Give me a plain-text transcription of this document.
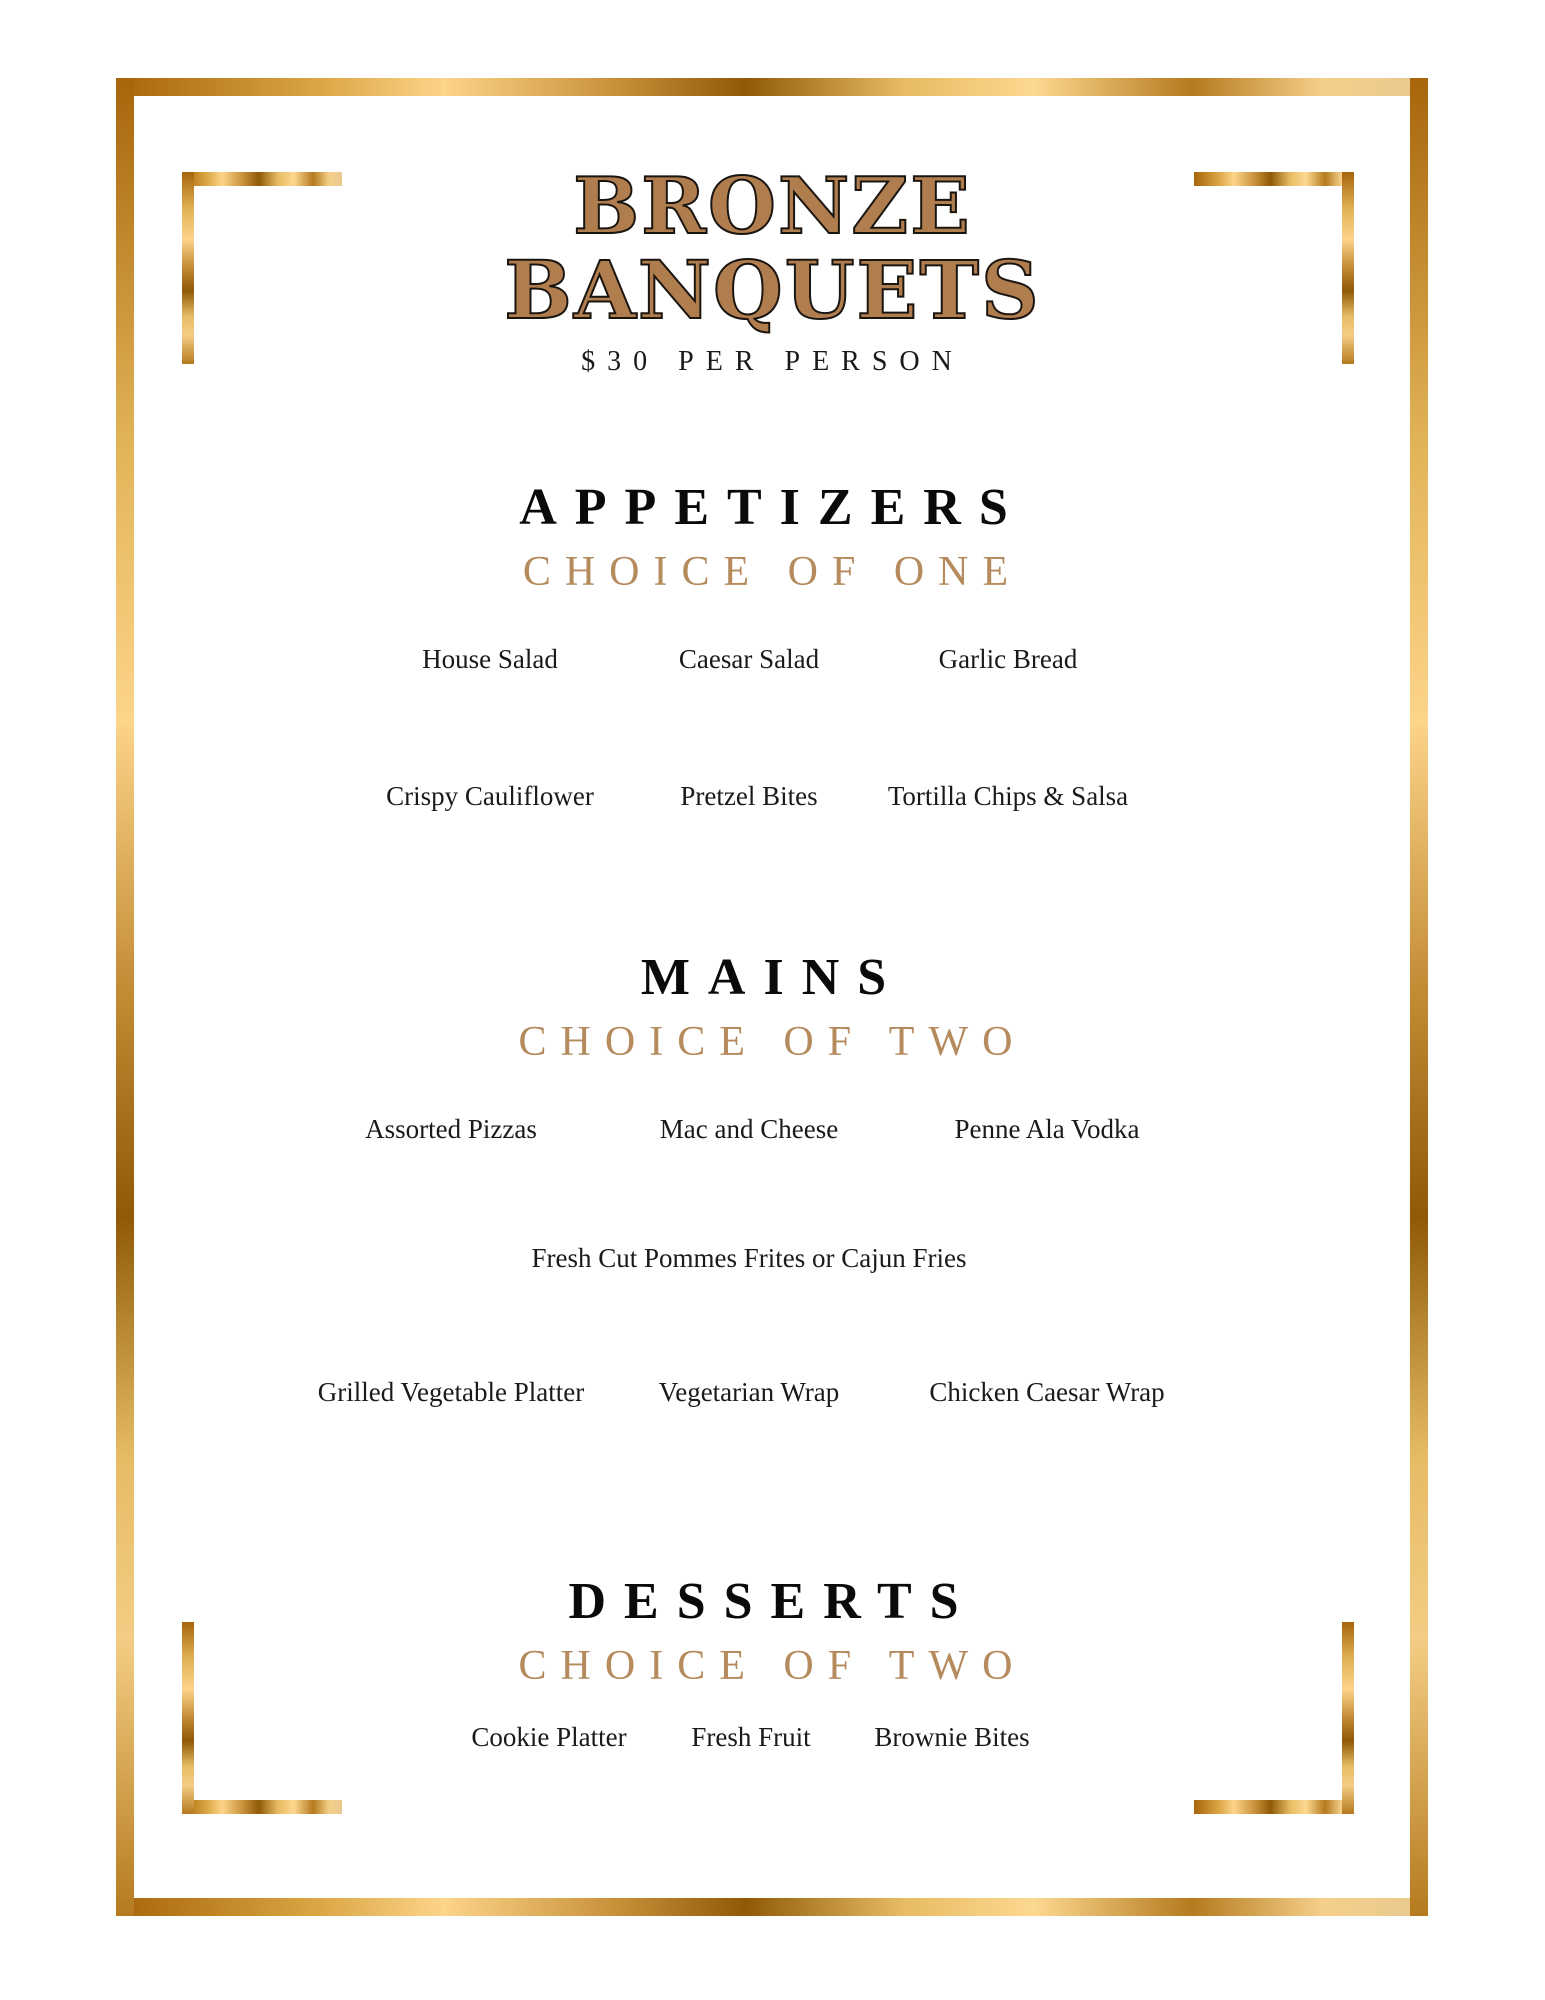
BRONZE
BANQUETS
$30 PER PERSON
APPETIZERS
CHOICE OF ONE
House Salad	Caesar Salad	Garlic Bread
Crispy Cauliflower	Pretzel Bites	Tortilla Chips & Salsa
MAINS
CHOICE OF TWO
Assorted Pizzas	Mac and Cheese	Penne Ala Vodka
Fresh Cut Pommes Frites or Cajun Fries
Grilled Vegetable Platter	Vegetarian Wrap	Chicken Caesar Wrap
DESSERTS
CHOICE OF TWO
Cookie Platter Fresh Fruit Brownie Bites
